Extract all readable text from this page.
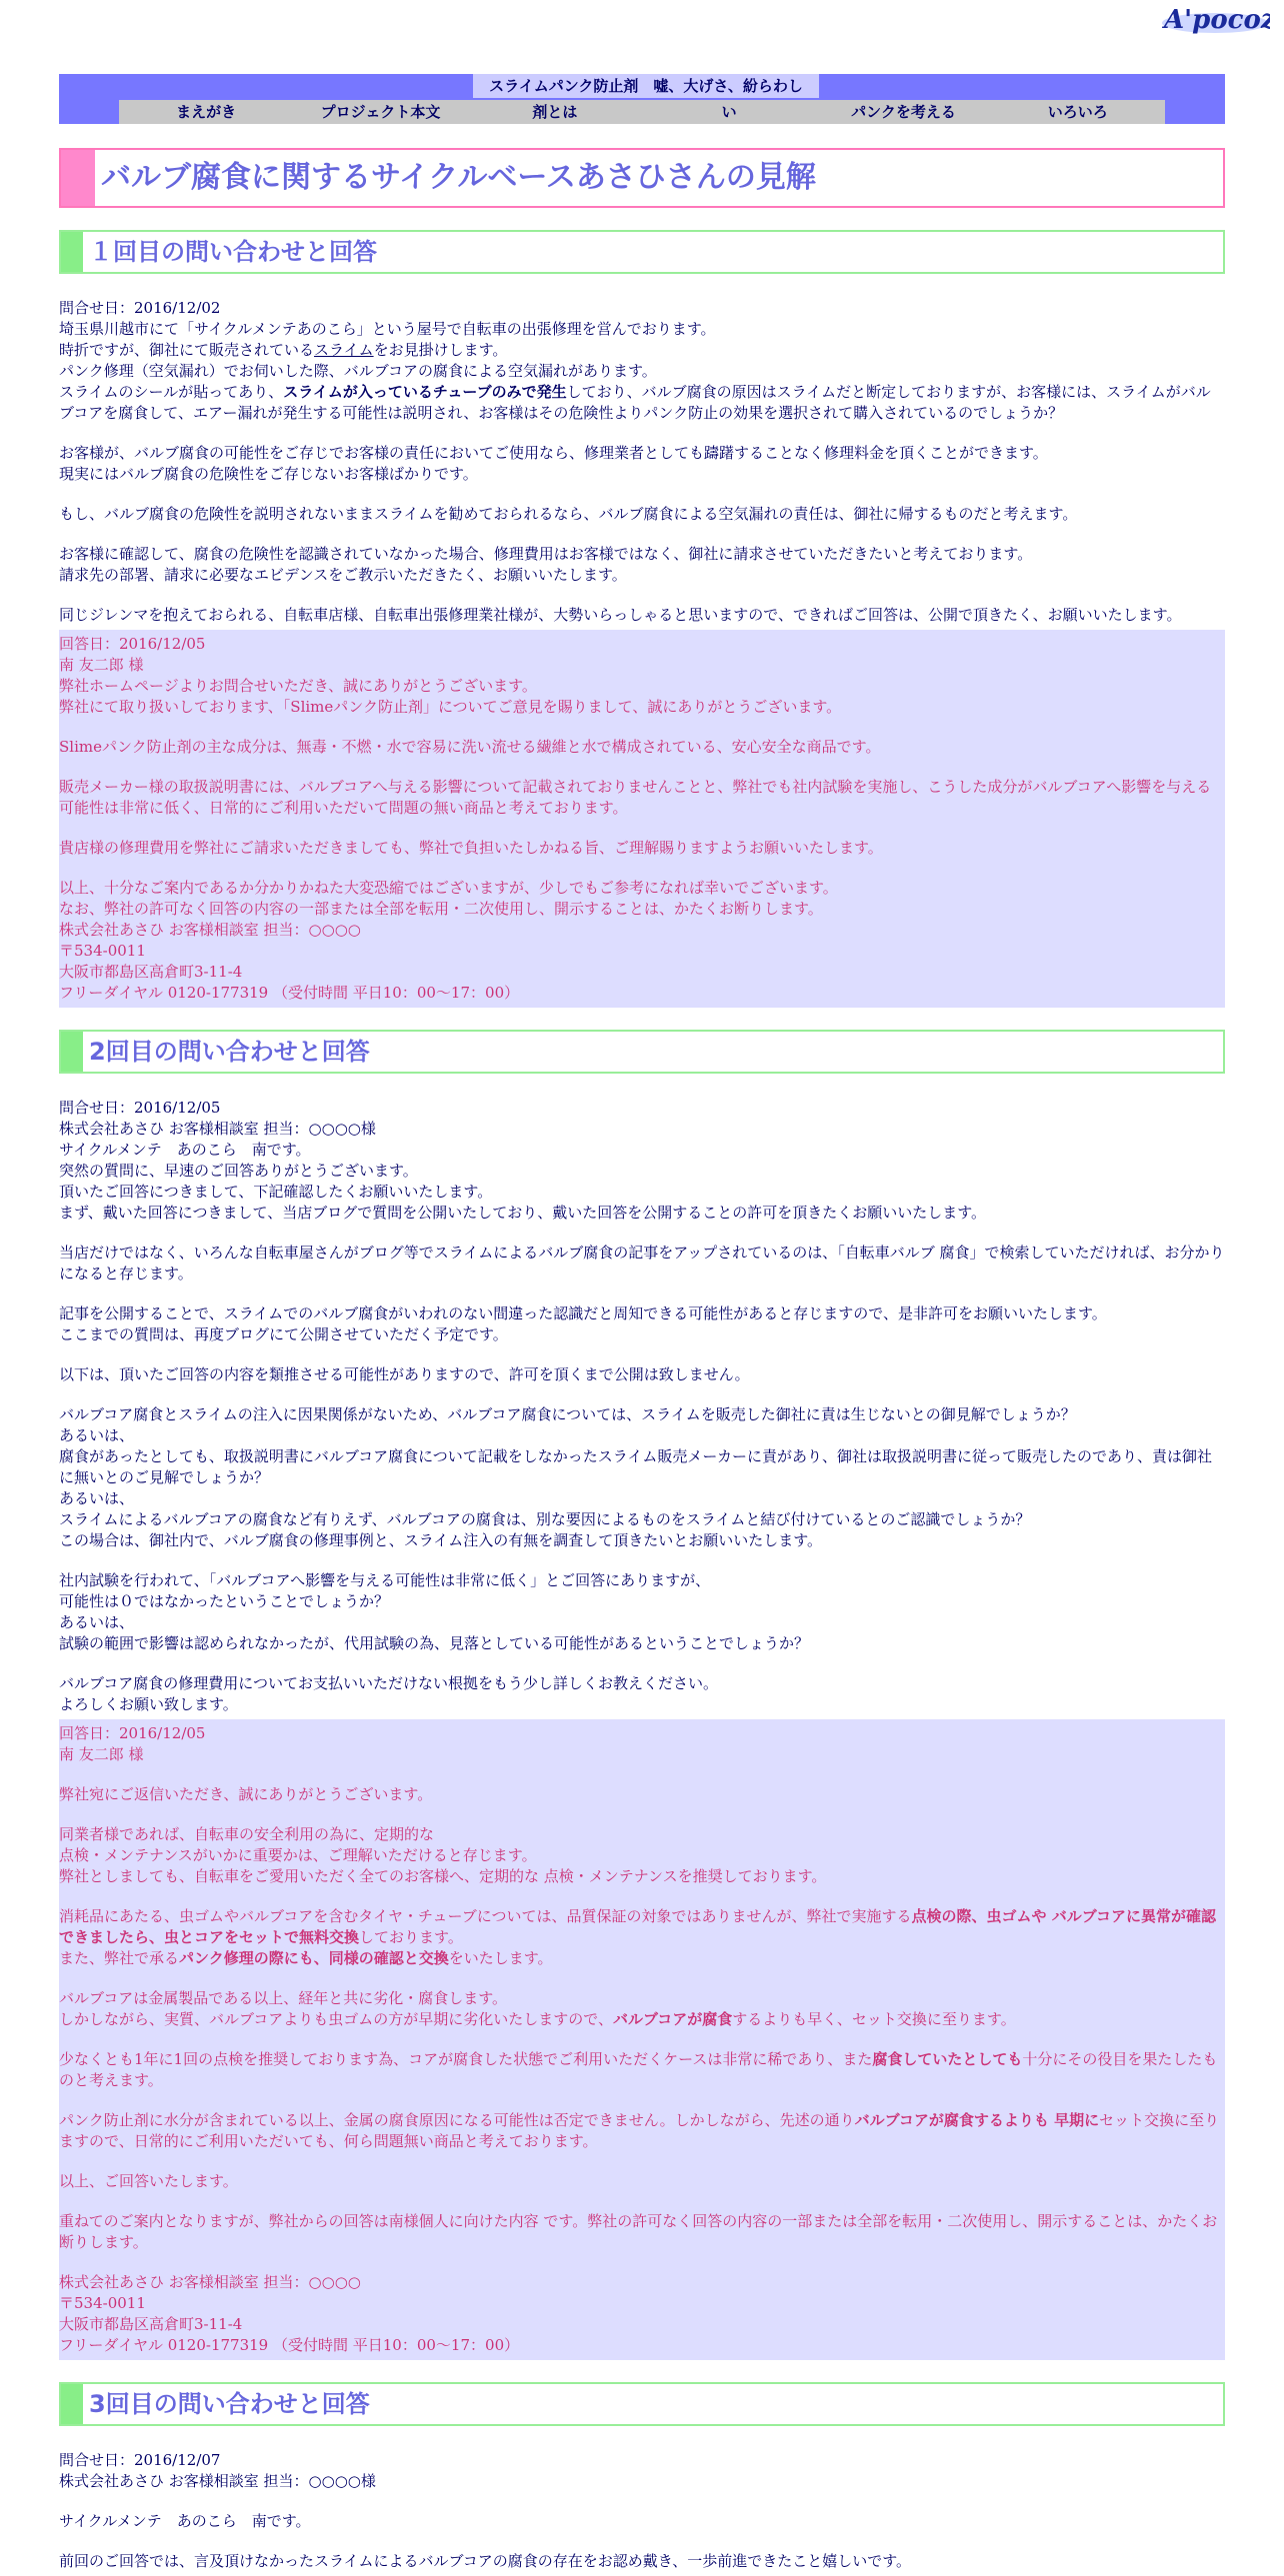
A'pocoz
スライムパンク防止剤　嘘、大げさ、紛らわし
まえがき	プロジェクト本文	剤とは	い	パンクを考える	いろいろ
バルブ腐食に関するサイクルベースあさひさんの見解
１回目の問い合わせと回答

問合せ日：2016/12/02
埼玉県川越市にて「サイクルメンテあのこら」という屋号で自転車の出張修理を営んでおります。
時折ですが、御社にて販売されているスライムをお見掛けします。
パンク修理（空気漏れ）でお伺いした際、バルブコアの腐食による空気漏れがあります。
スライムのシールが貼ってあり、スライムが入っているチューブのみで発生しており、バルブ腐食の原因はスライムだと断定しておりますが、お客様には、スライムがバルブコアを腐食して、エアー漏れが発生する可能性は説明され、お客様はその危険性よりパンク防止の効果を選択されて購入されているのでしょうか？

お客様が、バルブ腐食の可能性をご存じでお客様の責任においてご使用なら、修理業者としても躊躇することなく修理料金を頂くことができます。
現実にはバルブ腐食の危険性をご存じないお客様ばかりです。

もし、バルブ腐食の危険性を説明されないままスライムを勧めておられるなら、バルブ腐食による空気漏れの責任は、御社に帰するものだと考えます。

お客様に確認して、腐食の危険性を認識されていなかった場合、修理費用はお客様ではなく、御社に請求させていただきたいと考えております。
請求先の部署、請求に必要なエビデンスをご教示いただきたく、お願いいたします。

同じジレンマを抱えておられる、自転車店様、自転車出張修理業社様が、大勢いらっしゃると思いますので、できればご回答は、公開で頂きたく、お願いいたします。

回答日：2016/12/05
南 友二郎 様
弊社ホームページよりお問合せいただき、誠にありがとうございます。
弊社にて取り扱いしております、「Slimeパンク防止剤」についてご意見を賜りまして、誠にありがとうございます。

Slimeパンク防止剤の主な成分は、無毒・不燃・水で容易に洗い流せる繊維と水で構成されている、安心安全な商品です。

販売メーカー様の取扱説明書には、バルブコアへ与える影響について記載されておりませんことと、弊社でも社内試験を実施し、こうした成分がバルブコアへ影響を与える可能性は非常に低く、日常的にご利用いただいて問題の無い商品と考えております。

貴店様の修理費用を弊社にご請求いただきましても、弊社で負担いたしかねる旨、ご理解賜りますようお願いいたします。

以上、十分なご案内であるか分かりかねた大変恐縮ではございますが、少しでもご参考になれば幸いでございます。
なお、弊社の許可なく回答の内容の一部または全部を転用・二次使用し、開示することは、かたくお断りします。
株式会社あさひ お客様相談室 担当：○○○○
〒534-0011
大阪市都島区高倉町3-11-4
フリーダイヤル 0120-177319 （受付時間 平日10：00～17：00）

2回目の問い合わせと回答

問合せ日：2016/12/05
株式会社あさひ お客様相談室 担当：○○○○様
サイクルメンテ　あのこら　南です。
突然の質問に、早速のご回答ありがとうございます。
頂いたご回答につきまして、下記確認したくお願いいたします。
まず、戴いた回答につきまして、当店ブログで質問を公開いたしており、戴いた回答を公開することの許可を頂きたくお願いいたします。

当店だけではなく、いろんな自転車屋さんがブログ等でスライムによるバルブ腐食の記事をアップされているのは、「自転車バルブ 腐食」で検索していただければ、お分かりになると存じます。

記事を公開することで、スライムでのバルブ腐食がいわれのない間違った認識だと周知できる可能性があると存じますので、是非許可をお願いいたします。
ここまでの質問は、再度ブログにて公開させていただく予定です。

以下は、頂いたご回答の内容を類推させる可能性がありますので、許可を頂くまで公開は致しません。

バルブコア腐食とスライムの注入に因果関係がないため、バルブコア腐食については、スライムを販売した御社に責は生じないとの御見解でしょうか？
あるいは、
腐食があったとしても、取扱説明書にバルブコア腐食について記載をしなかったスライム販売メーカーに責があり、御社は取扱説明書に従って販売したのであり、責は御社に無いとのご見解でしょうか？
あるいは、
スライムによるバルブコアの腐食など有りえず、バルブコアの腐食は、別な要因によるものをスライムと結び付けているとのご認識でしょうか？
この場合は、御社内で、バルブ腐食の修理事例と、スライム注入の有無を調査して頂きたいとお願いいたします。

社内試験を行われて、「バルブコアへ影響を与える可能性は非常に低く」とご回答にありますが、
可能性は０ではなかったということでしょうか？
あるいは、
試験の範囲で影響は認められなかったが、代用試験の為、見落としている可能性があるということでしょうか？

バルブコア腐食の修理費用についてお支払いいただけない根拠をもう少し詳しくお教えください。
よろしくお願い致します。

回答日：2016/12/05
南 友二郎 様

弊社宛にご返信いただき、誠にありがとうございます。

同業者様であれば、自転車の安全利用の為に、定期的な
点検・メンテナンスがいかに重要かは、ご理解いただけると存じます。
弊社としましても、自転車をご愛用いただく全てのお客様へ、定期的な 点検・メンテナンスを推奨しております。

消耗品にあたる、虫ゴムやバルブコアを含むタイヤ・チューブについては、品質保証の対象ではありませんが、弊社で実施する点検の際、虫ゴムや バルブコアに異常が確認できましたら、虫とコアをセットで無料交換しております。
また、弊社で承るパンク修理の際にも、同様の確認と交換をいたします。

バルブコアは金属製品である以上、経年と共に劣化・腐食します。
しかしながら、実質、バルブコアよりも虫ゴムの方が早期に劣化いたしますので、バルブコアが腐食するよりも早く、セット交換に至ります。

少なくとも1年に1回の点検を推奨しております為、コアが腐食した状態でご利用いただくケースは非常に稀であり、また腐食していたとしても十分にその役目を果たしたものと考えます。

パンク防止剤に水分が含まれている以上、金属の腐食原因になる可能性は否定できません。しかしながら、先述の通りバルブコアが腐食するよりも 早期にセット交換に至りますので、日常的にご利用いただいても、何ら問題無い商品と考えております。

以上、ご回答いたします。

重ねてのご案内となりますが、弊社からの回答は南様個人に向けた内容 です。弊社の許可なく回答の内容の一部または全部を転用・二次使用し、開示することは、かたくお断りします。

株式会社あさひ お客様相談室 担当：○○○○
〒534-0011
大阪市都島区高倉町3-11-4
フリーダイヤル 0120-177319 （受付時間 平日10：00～17：00）

3回目の問い合わせと回答

問合せ日：2016/12/07
株式会社あさひ お客様相談室 担当：○○○○様

サイクルメンテ　あのこら　南です。

前回のご回答では、言及頂けなかったスライムによるバルブコアの腐食の存在をお認め戴き、一歩前進できたこと嬉しいです。
